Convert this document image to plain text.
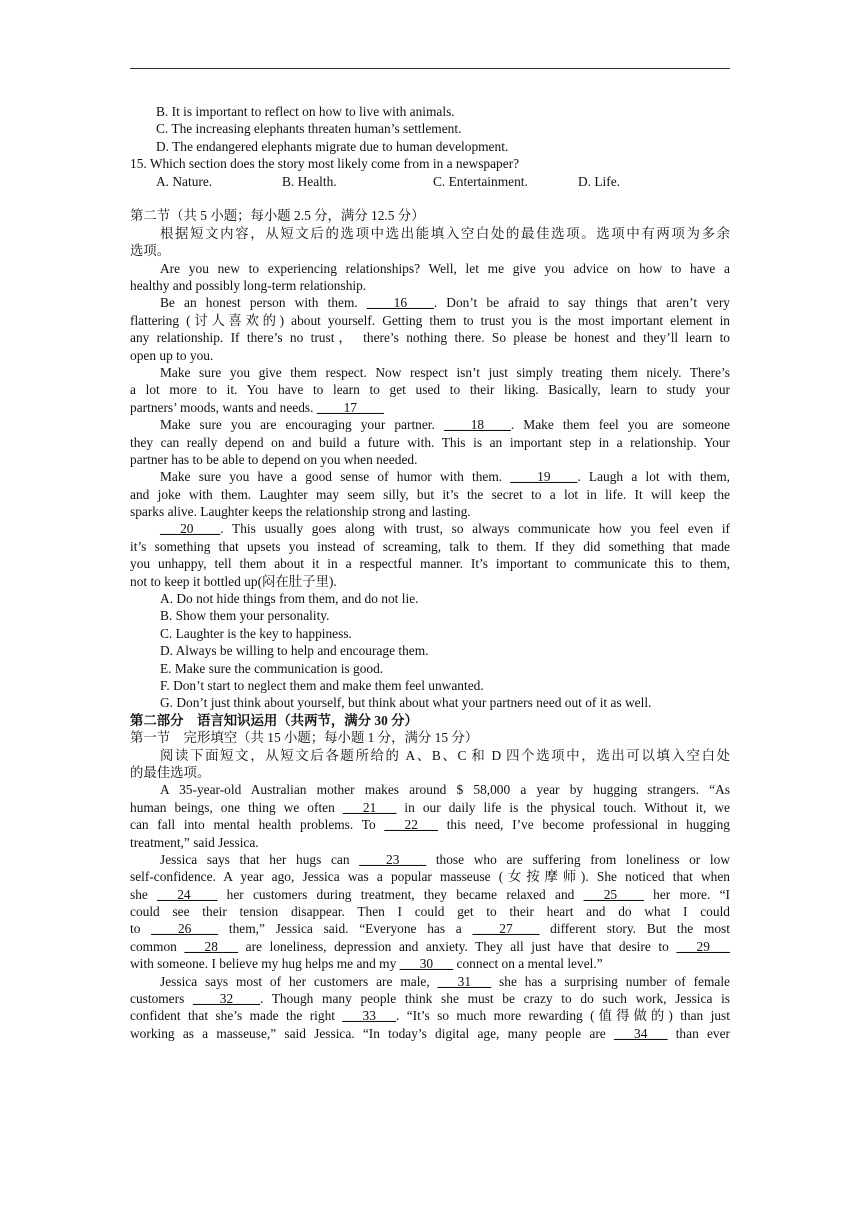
B. It is important to reflect on how to live with animals.
C. The increasing elephants threaten human’s settlement.
D. The endangered elephants migrate due to human development.
15. Which section does the story most likely come from in a newspaper?
A. Nature.	B. Health.	C. Entertainment.	D. Life.
第二节（共 5 小题；每小题 2.5 分，满分 12.5 分）
根据短文内容，从短文后的选项中选出能填入空白处的最佳选项。选项中有两项为多余
选项。
Are you new to experiencing relationships? Well, let me give you advice on how to have a
healthy and possibly long-term relationship.
Be an honest person with them. ____16____. Don’t be afraid to say things that aren’t very
flattering (讨人喜欢的) about yourself. Getting them to trust you is the most important element in
any relationship. If there’s no trust， there’s nothing there. So please be honest and they’ll learn to
open up to you.
Make sure you give them respect. Now respect isn’t just simply treating them nicely. There’s
a lot more to it. You have to learn to get used to their liking. Basically, learn to study your
partners’ moods, wants and needs. ____17____
Make sure you are encouraging your partner. ____18____. Make them feel you are someone
they can really depend on and build a future with. This is an important step in a relationship. Your
partner has to be able to depend on you when needed.
Make sure you have a good sense of humor with them. ____19____. Laugh a lot with them,
and joke with them. Laughter may seem silly, but it’s the secret to a lot in life. It will keep the
sparks alive. Laughter keeps the relationship strong and lasting.
___20____. This usually goes along with trust, so always communicate how you feel even if
it’s something that upsets you instead of screaming, talk to them. If they did something that made
you unhappy, tell them about it in a respectful manner. It’s important to communicate this to them,
not to keep it bottled up(闷在肚子里).
A. Do not hide things from them, and do not lie.
B. Show them your personality.
C. Laughter is the key to happiness.
D. Always be willing to help and encourage them.
E. Make sure the communication is good.
F. Don’t start to neglect them and make them feel unwanted.
G. Don’t just think about yourself, but think about what your partners need out of it as well.
第二部分　语言知识运用（共两节，满分 30 分）
第一节　完形填空（共 15 小题；每小题 1 分，满分 15 分）
阅读下面短文，从短文后各题所给的 A、B、C 和 D 四个选项中，选出可以填入空白处
的最佳选项。
A 35-year-old Australian mother makes around $ 58,000 a year by hugging strangers. “As
human beings, one thing we often ___21___ in our daily life is the physical touch. Without it, we
can fall into mental health problems. To ___22___ this need, I’ve become professional in hugging
treatment,” said Jessica.
Jessica says that her hugs can ____23____ those who are suffering from loneliness or low
self-confidence. A year ago, Jessica was a popular masseuse (女按摩师). She noticed that when
she ___24____ her customers during treatment, they became relaxed and ___25____ her more. “I
could see their tension disappear. Then I could get to their heart and do what I could
to ____26____ them,” Jessica said. “Everyone has a ____27____ different story. But the most
common ___28___ are loneliness, depression and anxiety. They all just have that desire to ___29___
with someone. I believe my hug helps me and my ___30___ connect on a mental level.”
Jessica says most of her customers are male, ___31___ she has a surprising number of female
customers ____32____. Though many people think she must be crazy to do such work, Jessica is
confident that she’s made the right ___33___. “It’s so much more rewarding (值得做的) than just
working as a masseuse,” said Jessica. “In today’s digital age, many people are ___34___ than ever
